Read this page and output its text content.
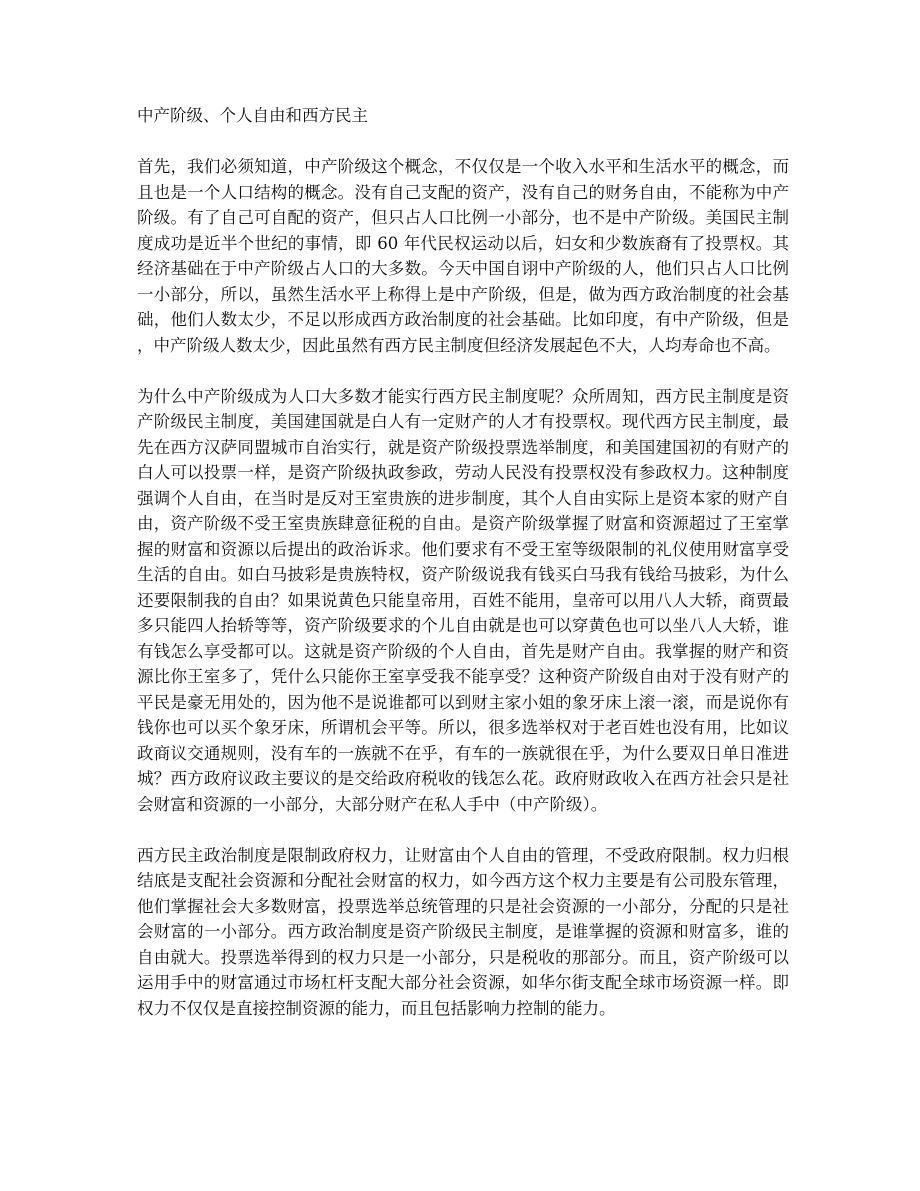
中产阶级、个人自由和西方民主

首先，我们必须知道，中产阶级这个概念，不仅仅是一个收入水平和生活水平的概念，而且也是一个人口结构的概念。没有自己支配的资产，没有自己的财务自由，不能称为中产阶级。有了自己可自配的资产，但只占人口比例一小部分，也不是中产阶级。美国民主制度成功是近半个世纪的事情，即 60 年代民权运动以后，妇女和少数族裔有了投票权。其经济基础在于中产阶级占人口的大多数。今天中国自诩中产阶级的人，他们只占人口比例一小部分，所以，虽然生活水平上称得上是中产阶级，但是，做为西方政治制度的社会基础，他们人数太少，不足以形成西方政治制度的社会基础。比如印度，有中产阶级，但是，中产阶级人数太少，因此虽然有西方民主制度但经济发展起色不大，人均寿命也不高。

为什么中产阶级成为人口大多数才能实行西方民主制度呢？众所周知，西方民主制度是资产阶级民主制度，美国建国就是白人有一定财产的人才有投票权。现代西方民主制度，最先在西方汉萨同盟城市自治实行，就是资产阶级投票选举制度，和美国建国初的有财产的白人可以投票一样，是资产阶级执政参政，劳动人民没有投票权没有参政权力。这种制度强调个人自由，在当时是反对王室贵族的进步制度，其个人自由实际上是资本家的财产自由，资产阶级不受王室贵族肆意征税的自由。是资产阶级掌握了财富和资源超过了王室掌握的财富和资源以后提出的政治诉求。他们要求有不受王室等级限制的礼仪使用财富享受生活的自由。如白马披彩是贵族特权，资产阶级说我有钱买白马我有钱给马披彩，为什么还要限制我的自由？如果说黄色只能皇帝用，百姓不能用，皇帝可以用八人大轿，商贾最多只能四人抬轿等等，资产阶级要求的个儿自由就是也可以穿黄色也可以坐八人大轿，谁有钱怎么享受都可以。这就是资产阶级的个人自由，首先是财产自由。我掌握的财产和资源比你王室多了，凭什么只能你王室享受我不能享受？这种资产阶级自由对于没有财产的平民是豪无用处的，因为他不是说谁都可以到财主家小姐的象牙床上滚一滚，而是说你有钱你也可以买个象牙床，所谓机会平等。所以，很多选举权对于老百姓也没有用，比如议政商议交通规则，没有车的一族就不在乎，有车的一族就很在乎，为什么要双日单日准进城？西方政府议政主要议的是交给政府税收的钱怎么花。政府财政收入在西方社会只是社会财富和资源的一小部分，大部分财产在私人手中（中产阶级）。

西方民主政治制度是限制政府权力，让财富由个人自由的管理，不受政府限制。权力归根结底是支配社会资源和分配社会财富的权力，如今西方这个权力主要是有公司股东管理，他们掌握社会大多数财富，投票选举总统管理的只是社会资源的一小部分，分配的只是社会财富的一小部分。西方政治制度是资产阶级民主制度，是谁掌握的资源和财富多，谁的自由就大。投票选举得到的权力只是一小部分，只是税收的那部分。而且，资产阶级可以运用手中的财富通过市场杠杆支配大部分社会资源，如华尔街支配全球市场资源一样。即权力不仅仅是直接控制资源的能力，而且包括影响力控制的能力。
